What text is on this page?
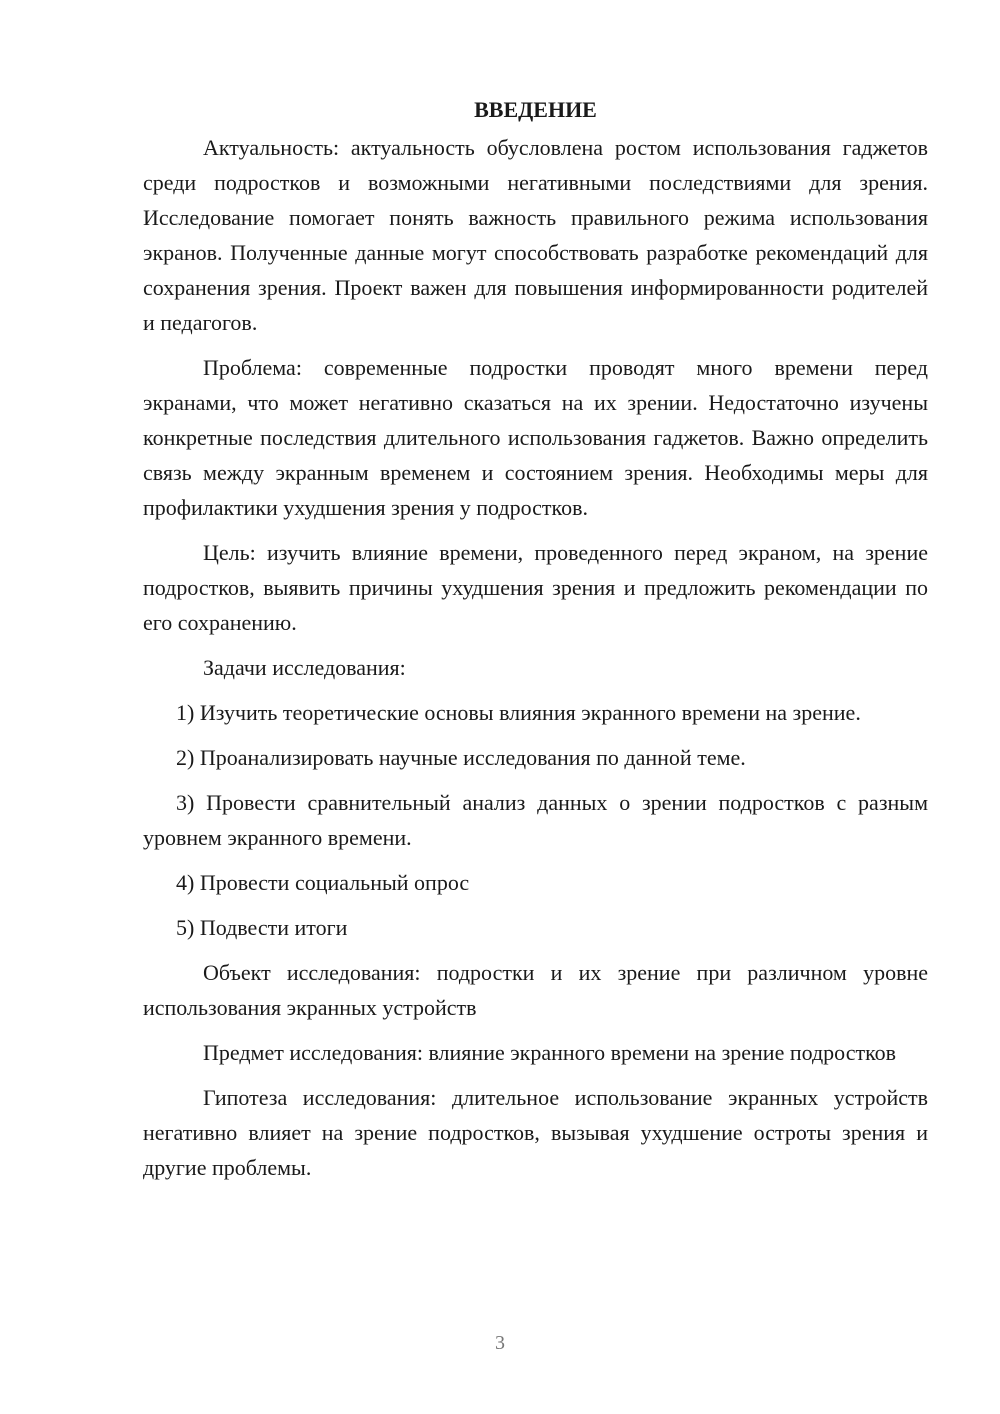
ВВЕДЕНИЕ

Актуальность: актуальность обусловлена ростом использования гаджетов среди подростков и возможными негативными последствиями для зрения. Исследование помогает понять важность правильного режима использования экранов. Полученные данные могут способствовать разработке рекомендаций для сохранения зрения. Проект важен для повышения информированности родителей и педагогов.

Проблема: современные подростки проводят много времени перед экранами, что может негативно сказаться на их зрении. Недостаточно изучены конкретные последствия длительного использования гаджетов. Важно определить связь между экранным временем и состоянием зрения. Необходимы меры для профилактики ухудшения зрения у подростков.

Цель: изучить влияние времени, проведенного перед экраном, на зрение подростков, выявить причины ухудшения зрения и предложить рекомендации по его сохранению.

Задачи исследования:

1) Изучить теоретические основы влияния экранного времени на зрение.

2) Проанализировать научные исследования по данной теме.

3) Провести сравнительный анализ данных о зрении подростков с разным уровнем экранного времени.

4) Провести социальный опрос

5) Подвести итоги

Объект исследования: подростки и их зрение при различном уровне использования экранных устройств

Предмет исследования: влияние экранного времени на зрение подростков

Гипотеза исследования: длительное использование экранных устройств негативно влияет на зрение подростков, вызывая ухудшение остроты зрения и другие проблемы.

3
